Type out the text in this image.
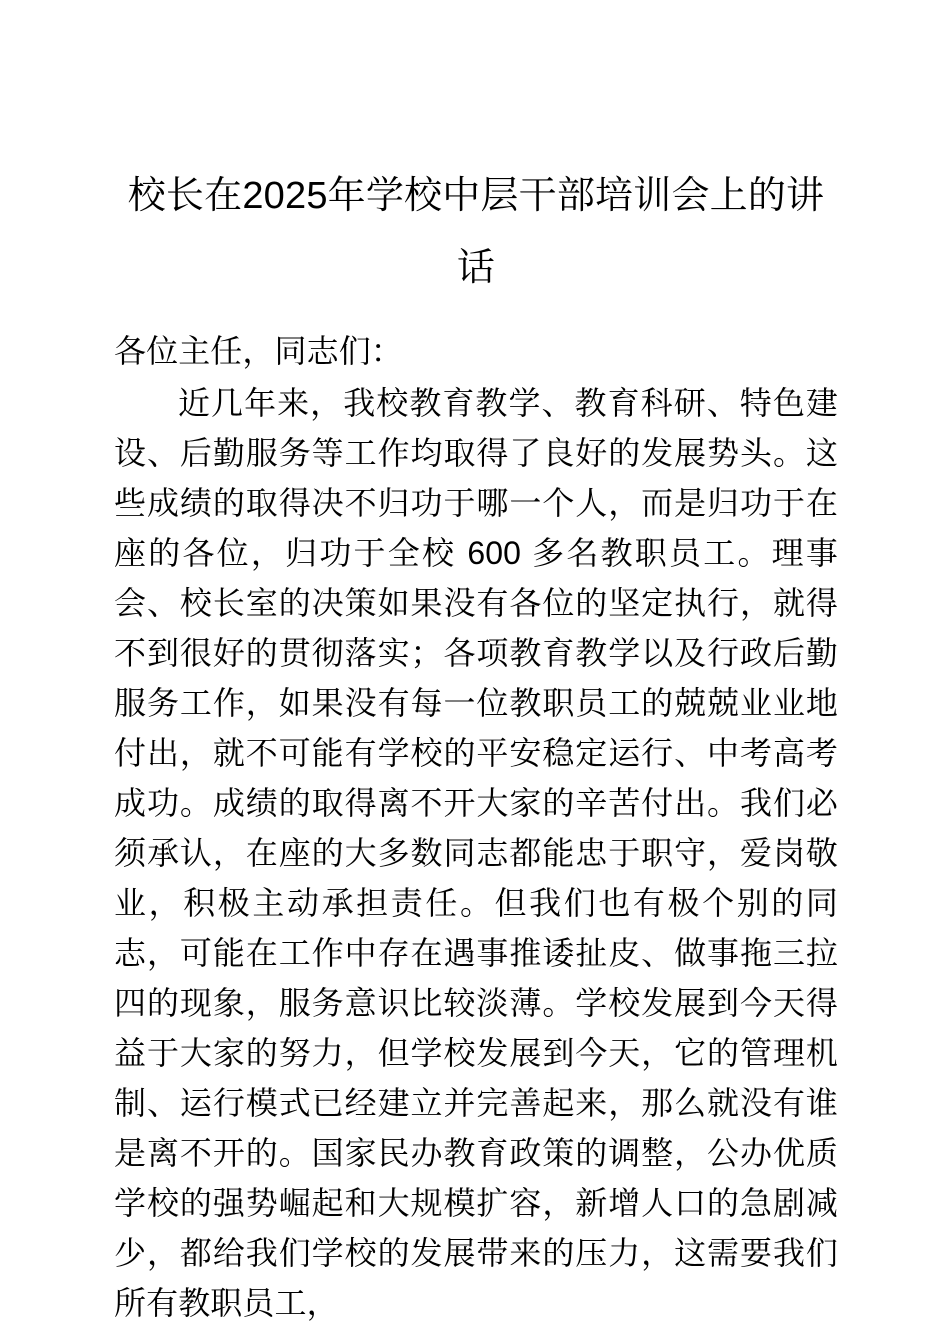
校长在2025年学校中层干部培训会上的讲话

各位主任，同志们：

近几年来，我校教育教学、教育科研、特色建设、后勤服务等工作均取得了良好的发展势头。这些成绩的取得决不归功于哪一个人，而是归功于在座的各位，归功于全校 600 多名教职员工。理事会、校长室的决策如果没有各位的坚定执行，就得不到很好的贯彻落实；各项教育教学以及行政后勤服务工作，如果没有每一位教职员工的兢兢业业地付出，就不可能有学校的平安稳定运行、中考高考成功。成绩的取得离不开大家的辛苦付出。我们必须承认，在座的大多数同志都能忠于职守，爱岗敬业，积极主动承担责任。但我们也有极个别的同志，可能在工作中存在遇事推诿扯皮、做事拖三拉四的现象，服务意识比较淡薄。学校发展到今天得益于大家的努力，但学校发展到今天，它的管理机制、运行模式已经建立并完善起来，那么就没有谁是离不开的。国家民办教育政策的调整，公办优质学校的强势崛起和大规模扩容，新增人口的急剧减少，都给我们学校的发展带来的压力，这需要我们所有教职员工，
